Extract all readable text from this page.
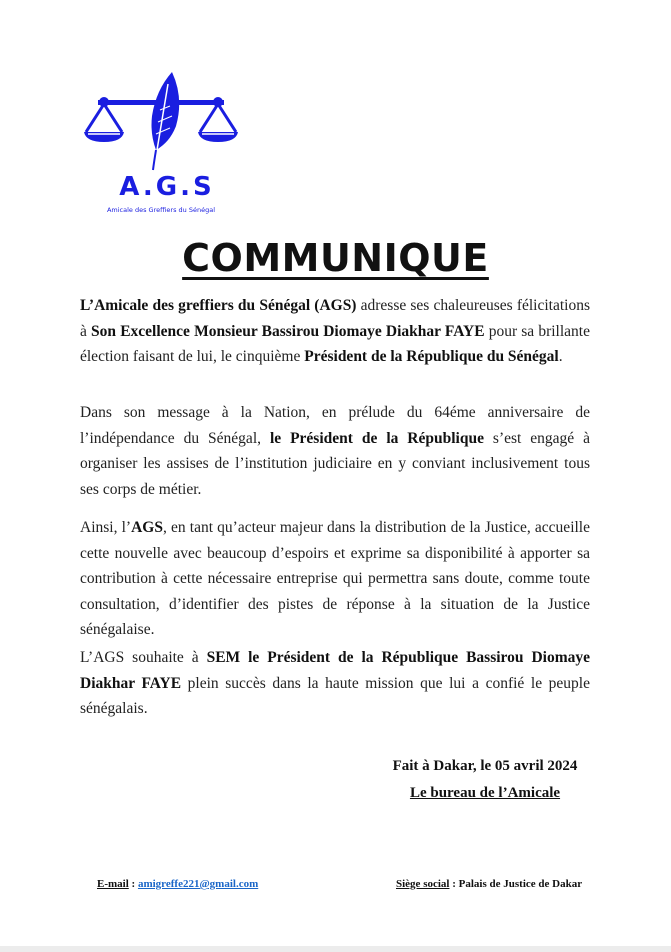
A.G.S
Amicale des Greffiers du Sénégal
COMMUNIQUE
L’Amicale des greffiers du Sénégal (AGS) adresse ses chaleureuses félicitations à Son Excellence Monsieur Bassirou Diomaye Diakhar FAYE pour sa brillante élection faisant de lui, le cinquième Président de la République du Sénégal.
Dans son message à la Nation, en prélude du 64éme anniversaire de l’indépendance du Sénégal, le Président de la République s’est engagé à organiser les assises de l’institution judiciaire en y conviant inclusivement tous ses corps de métier.
Ainsi, l’AGS, en tant qu’acteur majeur dans la distribution de la Justice, accueille cette nouvelle avec beaucoup d’espoirs et exprime sa disponibilité à apporter sa contribution à cette nécessaire entreprise qui permettra sans doute, comme toute consultation, d’identifier des pistes de réponse à la situation de la Justice sénégalaise.
L’AGS souhaite à SEM le Président de la République Bassirou Diomaye Diakhar FAYE plein succès dans la haute mission que lui a confié le peuple sénégalais.
Fait à Dakar, le 05 avril 2024
Le bureau de l’Amicale
E-mail : amigreffe221@gmail.com	Siège social : Palais de Justice de Dakar
